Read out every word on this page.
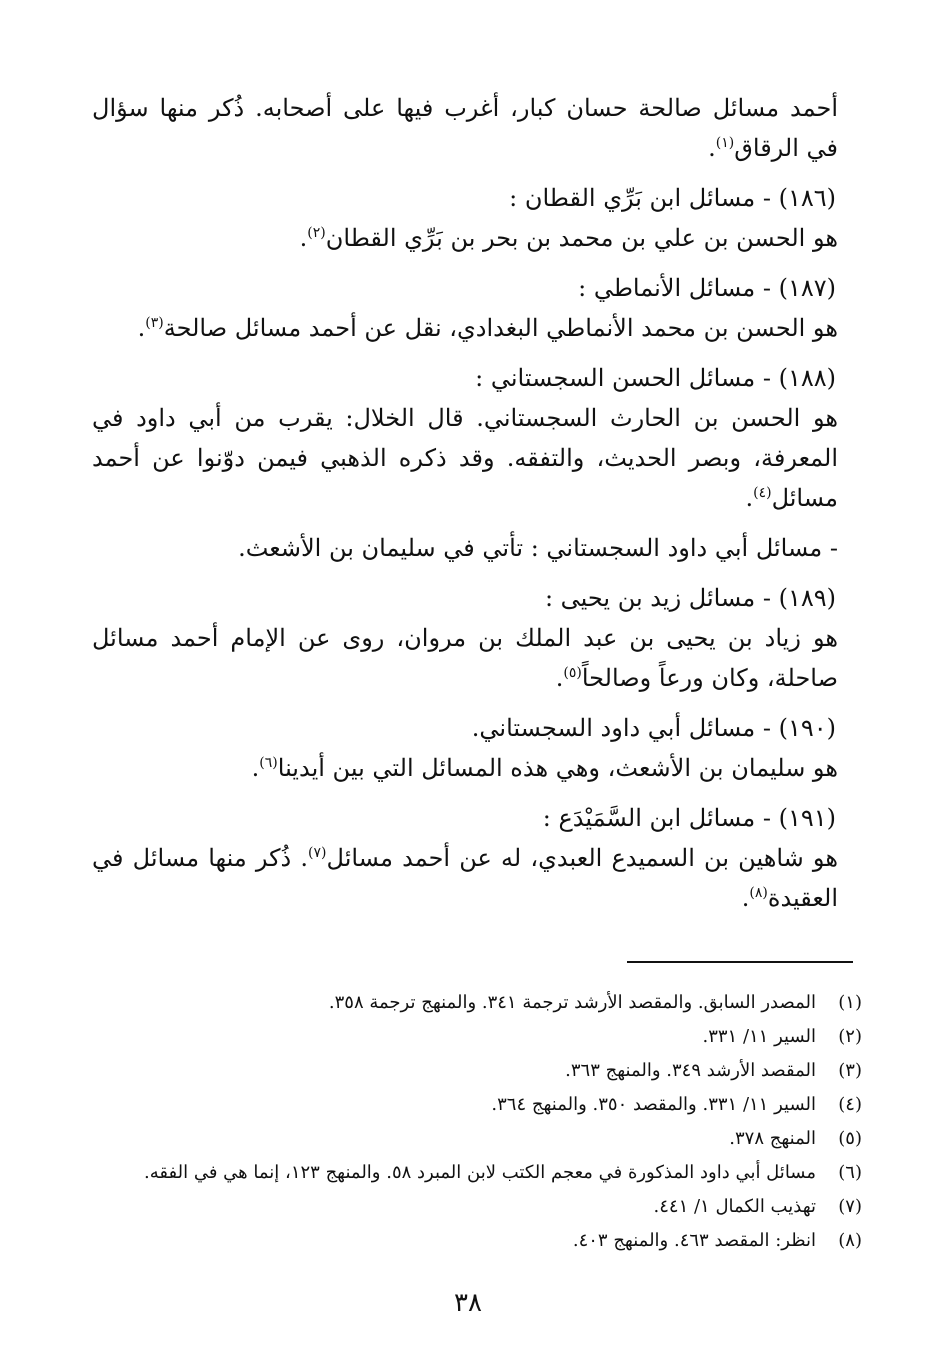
أحمد مسائل صالحة حسان كبار، أغرب فيها على أصحابه. ذُكر منها سؤال في الرقاق$^{(١)}$.

(١٨٦) - مسائل ابن بَرِّي القطان :
هو الحسن بن علي بن محمد بن بحر بن بَرِّي القطان$^{(٢)}$.
(١٨٧) - مسائل الأنماطي :
هو الحسن بن محمد الأنماطي البغدادي، نقل عن أحمد مسائل صالحة$^{(٣)}$.
(١٨٨) - مسائل الحسن السجستاني :
هو الحسن بن الحارث السجستاني. قال الخلال: يقرب من أبي داود في المعرفة، وبصر الحديث، والتفقه. وقد ذكره الذهبي فيمن دوّنوا عن أحمد مسائل$^{(٤)}$.

- مسائل أبي داود السجستاني : تأتي في سليمان بن الأشعث.

(١٨٩) - مسائل زيد بن يحيى :
هو زياد بن يحيى بن عبد الملك بن مروان، روى عن الإمام أحمد مسائل صاحلة، وكان ورعاً وصالحاً$^{(٥)}$.
(١٩٠) - مسائل أبي داود السجستاني.
هو سليمان بن الأشعث، وهي هذه المسائل التي بين أيدينا$^{(٦)}$.
(١٩١) - مسائل ابن السَّمَيْدَع :
هو شاهين بن السميدع العبدي، له عن أحمد مسائل$^{(٧)}$. ذُكر منها مسائل في العقيدة$^{(٨)}$.
(١)
المصدر السابق. والمقصد الأرشد ترجمة ٣٤١. والمنهج ترجمة ٣٥٨.
(٢)
السير ١١/ ٣٣١.
(٣)
المقصد الأرشد ٣٤٩. والمنهج ٣٦٣.
(٤)
السير ١١/ ٣٣١. والمقصد ٣٥٠. والمنهج ٣٦٤.
(٥)
المنهج ٣٧٨.
(٦)
مسائل أبي داود المذكورة في معجم الكتب لابن المبرد ٥٨. والمنهج ١٢٣، إنما هي في الفقه.
(٧)
تهذيب الكمال ١/ ٤٤١.
(٨)
انظر: المقصد ٤٦٣. والمنهج ٤٠٣.
٣٨
